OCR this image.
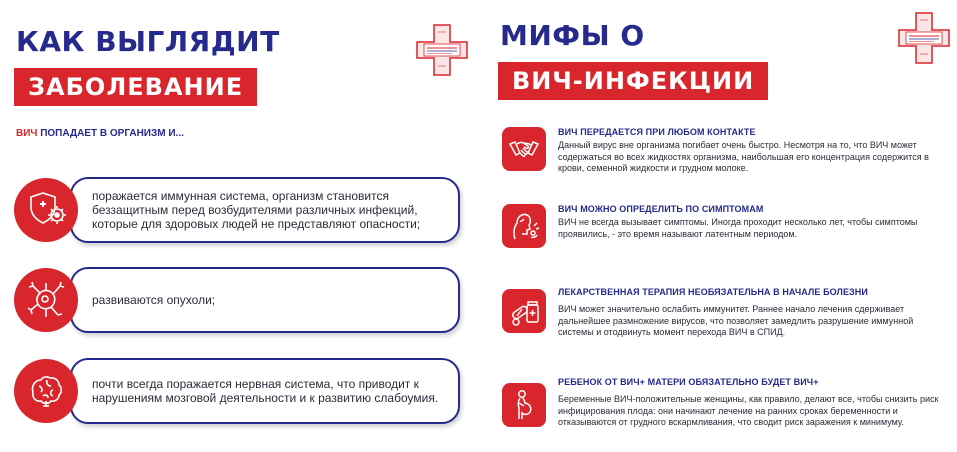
КАК ВЫГЛЯДИТ
ЗАБОЛЕВАНИЕ
ВИЧ ПОПАДАЕТ В ОРГАНИЗМ И...
поражается иммунная система, организм становится беззащитным перед возбудителями различных инфекций, которые для здоровых людей не представляют опасности;
развиваются опухоли;
почти всегда поражается нервная система, что приводит к нарушениям мозговой деятельности и к развитию слабоумия.
МИФЫ О
ВИЧ-ИНФЕКЦИИ
ВИЧ ПЕРЕДАЕТСЯ ПРИ ЛЮБОМ КОНТАКТЕ
Данный вирус вне организма погибает очень быстро. Несмотря на то, что ВИЧ может содержаться во всех жидкостях организма, наибольшая его концентрация содержится в крови, семенной жидкости и грудном молоке.
ВИЧ МОЖНО ОПРЕДЕЛИТЬ ПО СИМПТОМАМ
ВИЧ не всегда вызывает симптомы. Иногда проходит несколько лет, чтобы симптомы проявились, - это время называют латентным периодом.
ЛЕКАРСТВЕННАЯ ТЕРАПИЯ НЕОБЯЗАТЕЛЬНА В НАЧАЛЕ БОЛЕЗНИ
ВИЧ может значительно ослабить иммунитет. Раннее начало лечения сдерживает дальнейшее размножение вирусов, что позволяет замедлить разрушение иммунной системы и отодвинуть момент перехода ВИЧ в СПИД.
РЕБЕНОК ОТ ВИЧ+ МАТЕРИ ОБЯЗАТЕЛЬНО БУДЕТ ВИЧ+
Беременные ВИЧ-положительные женщины, как правило, делают все, чтобы снизить риск инфицирования плода: они начинают лечение на ранних сроках беременности и отказываются от грудного вскармливания, что сводит риск заражения к минимуму.
